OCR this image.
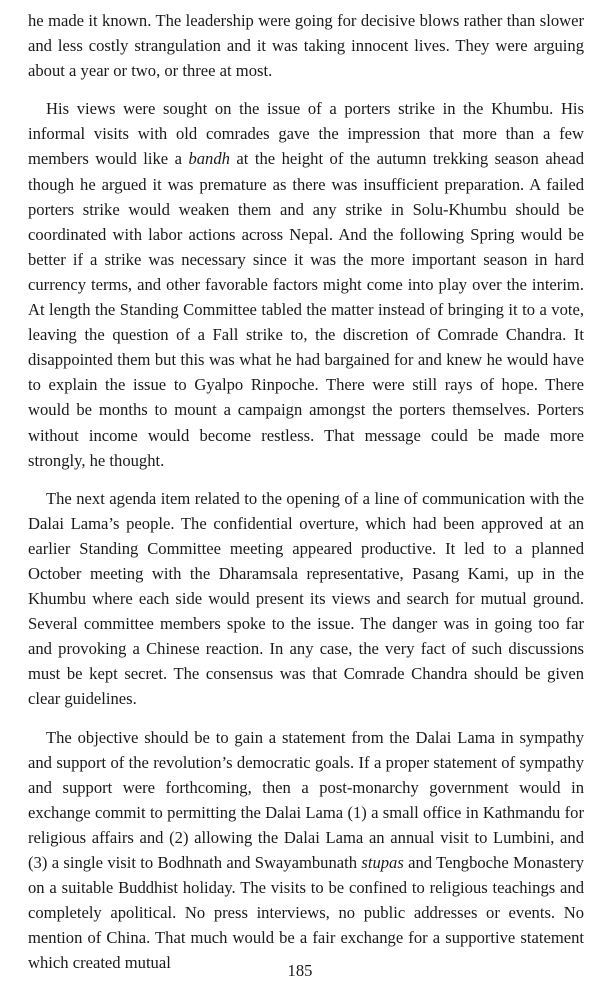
he made it known. The leadership were going for decisive blows rather than slower and less costly strangulation and it was taking innocent lives. They were arguing about a year or two, or three at most.

His views were sought on the issue of a porters strike in the Khumbu. His informal visits with old comrades gave the impression that more than a few members would like a bandh at the height of the autumn trekking season ahead though he argued it was premature as there was insufficient preparation. A failed porters strike would weaken them and any strike in Solu-Khumbu should be coordinated with labor actions across Nepal. And the following Spring would be better if a strike was necessary since it was the more important season in hard currency terms, and other favorable factors might come into play over the interim. At length the Standing Committee tabled the matter instead of bringing it to a vote, leaving the question of a Fall strike to, the discretion of Comrade Chandra. It disappointed them but this was what he had bargained for and knew he would have to explain the issue to Gyalpo Rinpoche. There were still rays of hope. There would be months to mount a campaign amongst the porters themselves. Porters without income would become restless. That message could be made more strongly, he thought.

The next agenda item related to the opening of a line of communication with the Dalai Lama’s people. The confidential overture, which had been approved at an earlier Standing Committee meeting appeared productive. It led to a planned October meeting with the Dharamsala representative, Pasang Kami, up in the Khumbu where each side would present its views and search for mutual ground. Several committee members spoke to the issue. The danger was in going too far and provoking a Chinese reaction. In any case, the very fact of such discussions must be kept secret. The consensus was that Comrade Chandra should be given clear guidelines.

The objective should be to gain a statement from the Dalai Lama in sympathy and support of the revolution’s democratic goals. If a proper statement of sympathy and support were forthcoming, then a post-monarchy government would in exchange commit to permitting the Dalai Lama (1) a small office in Kathmandu for religious affairs and (2) allowing the Dalai Lama an annual visit to Lumbini, and (3) a single visit to Bodhnath and Swayambunath stupas and Tengboche Monastery on a suitable Buddhist holiday. The visits to be confined to religious teachings and completely apolitical. No press interviews, no public addresses or events. No mention of China. That much would be a fair exchange for a supportive statement which created mutual	185
